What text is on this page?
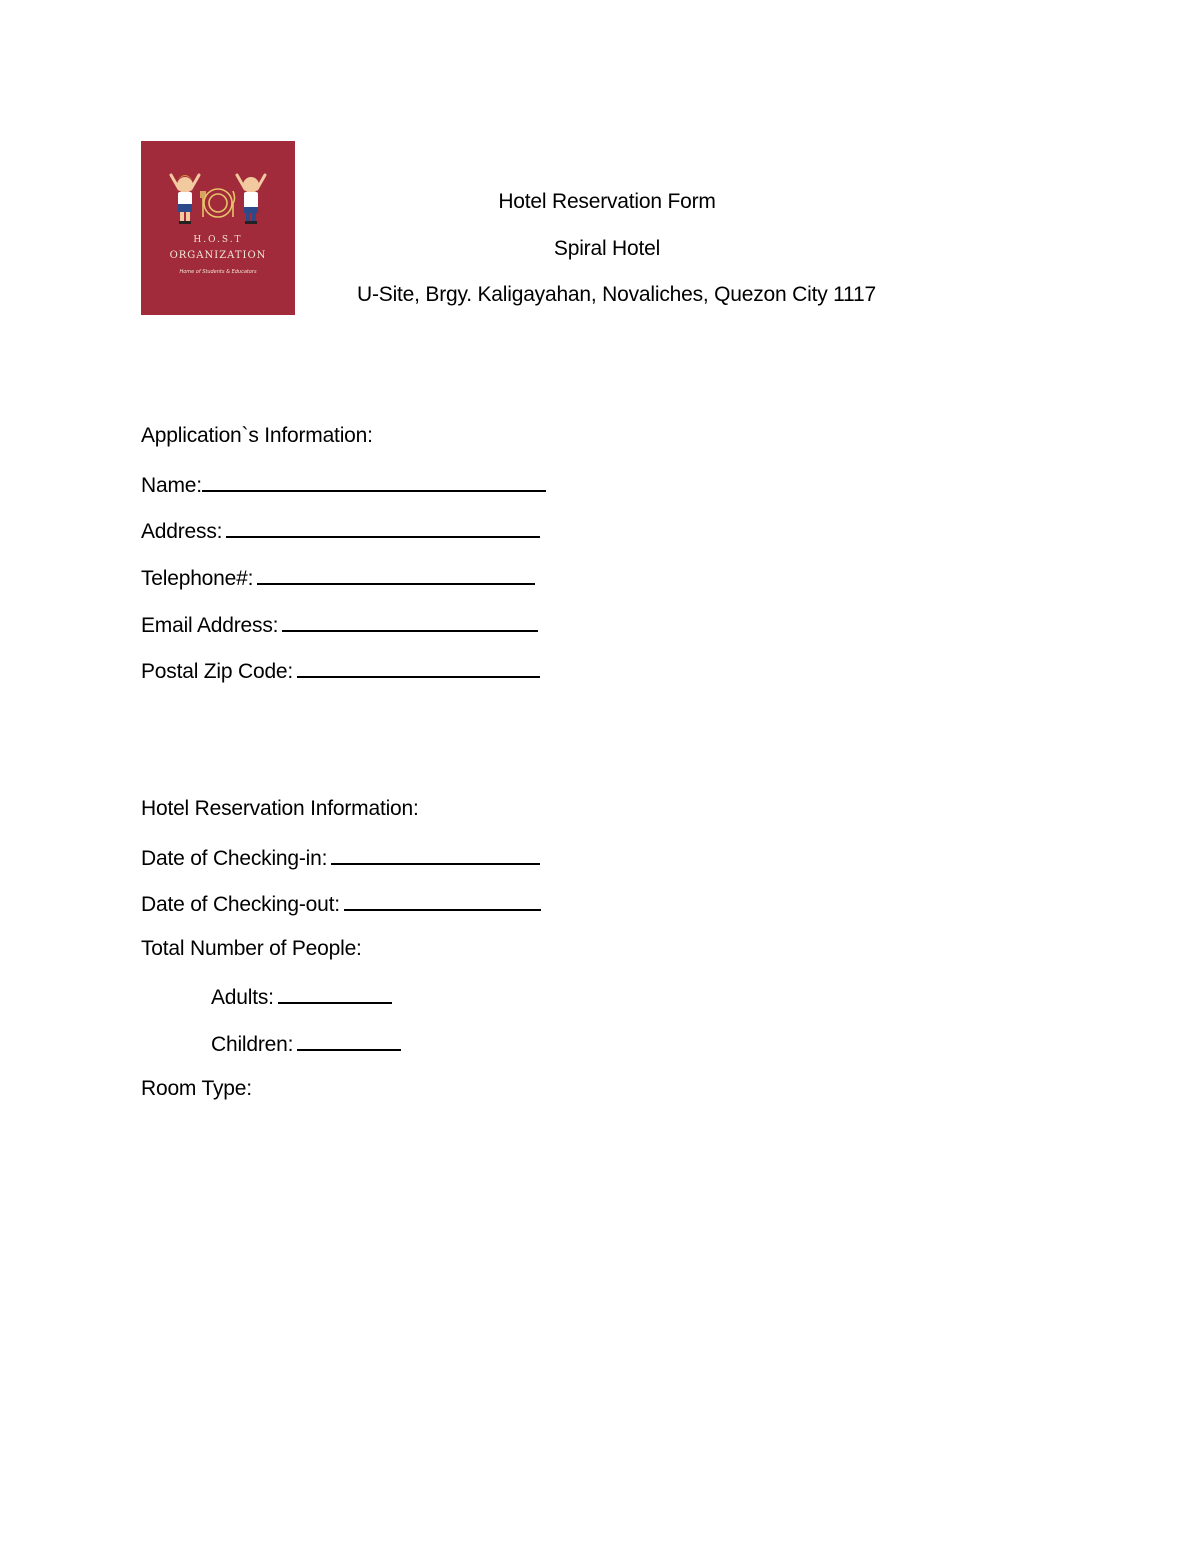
H.O.S.T
ORGANIZATION
Home of Students & Educators
Hotel Reservation Form
Spiral Hotel
U-Site, Brgy. Kaligayahan, Novaliches, Quezon City 1117
Application`s Information:
Name:
Address:
Telephone#:
Email Address:
Postal Zip Code:
Hotel Reservation Information:
Date of Checking-in:
Date of Checking-out:
Total Number of People:
Adults:
Children:
Room Type:
